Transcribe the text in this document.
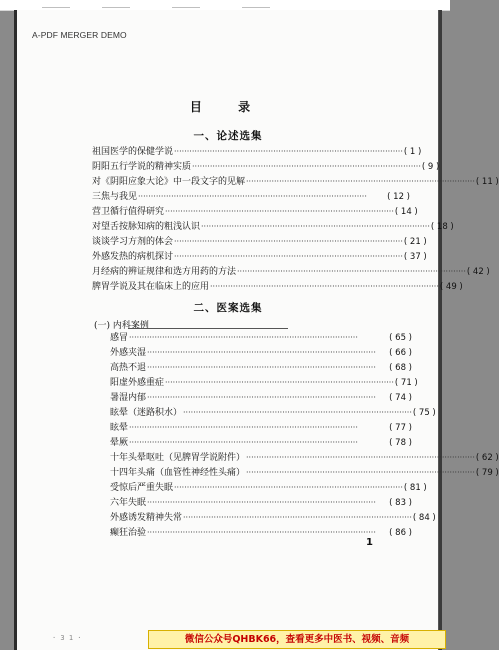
A-PDF MERGER DEMO
目 录
一、论述选集
祖国医学的保健学说 ·························································································· ( 1 )
阴阳五行学说的精神实质 ·························································································· ( 9 )
对《阴阳应象大论》中一段文字的见解 ·························································································· ( 11 )
三焦与我见 ··························································································	( 12 )
营卫循行值得研究 ·························································································· ( 14 )
对望舌按脉知病的粗浅认识 ·························································································· ( 18 )
谈谈学习方剂的体会 ·························································································· ( 21 )
外感发热的病机探讨 ·························································································· ( 37 )
月经病的辨证规律和选方用药的方法 ·························································································· ( 42 )
脾胃学说及其在临床上的应用 ·························································································· ( 49 )
二、医案选集
(一) 内科案例
感冒 ··························································································	( 65 )
外感夹湿 ··························································································	( 66 )
高热不退 ··························································································	( 68 )
阳虚外感重症 ·························································································· ( 71 )
暑湿内郁 ··························································································	( 74 )
眩晕（迷路积水） ·························································································· ( 75 )
眩晕 ··························································································	( 77 )
晕厥 ··························································································	( 78 )
十年头晕呕吐（见脾胃学说附件） ·························································································· ( 62 )
十四年头痛（血管性神经性头痛） ·························································································· ( 79 )
受惊后严重失眠 ·························································································· ( 81 )
六年失眠 ··························································································	( 83 )
外感诱发精神失常 ·························································································· ( 84 )
癫狂治验 ··························································································	( 86 )
1
· 3 1 ·	微信公众号QHBK66，查看更多中医书、视频、音频
